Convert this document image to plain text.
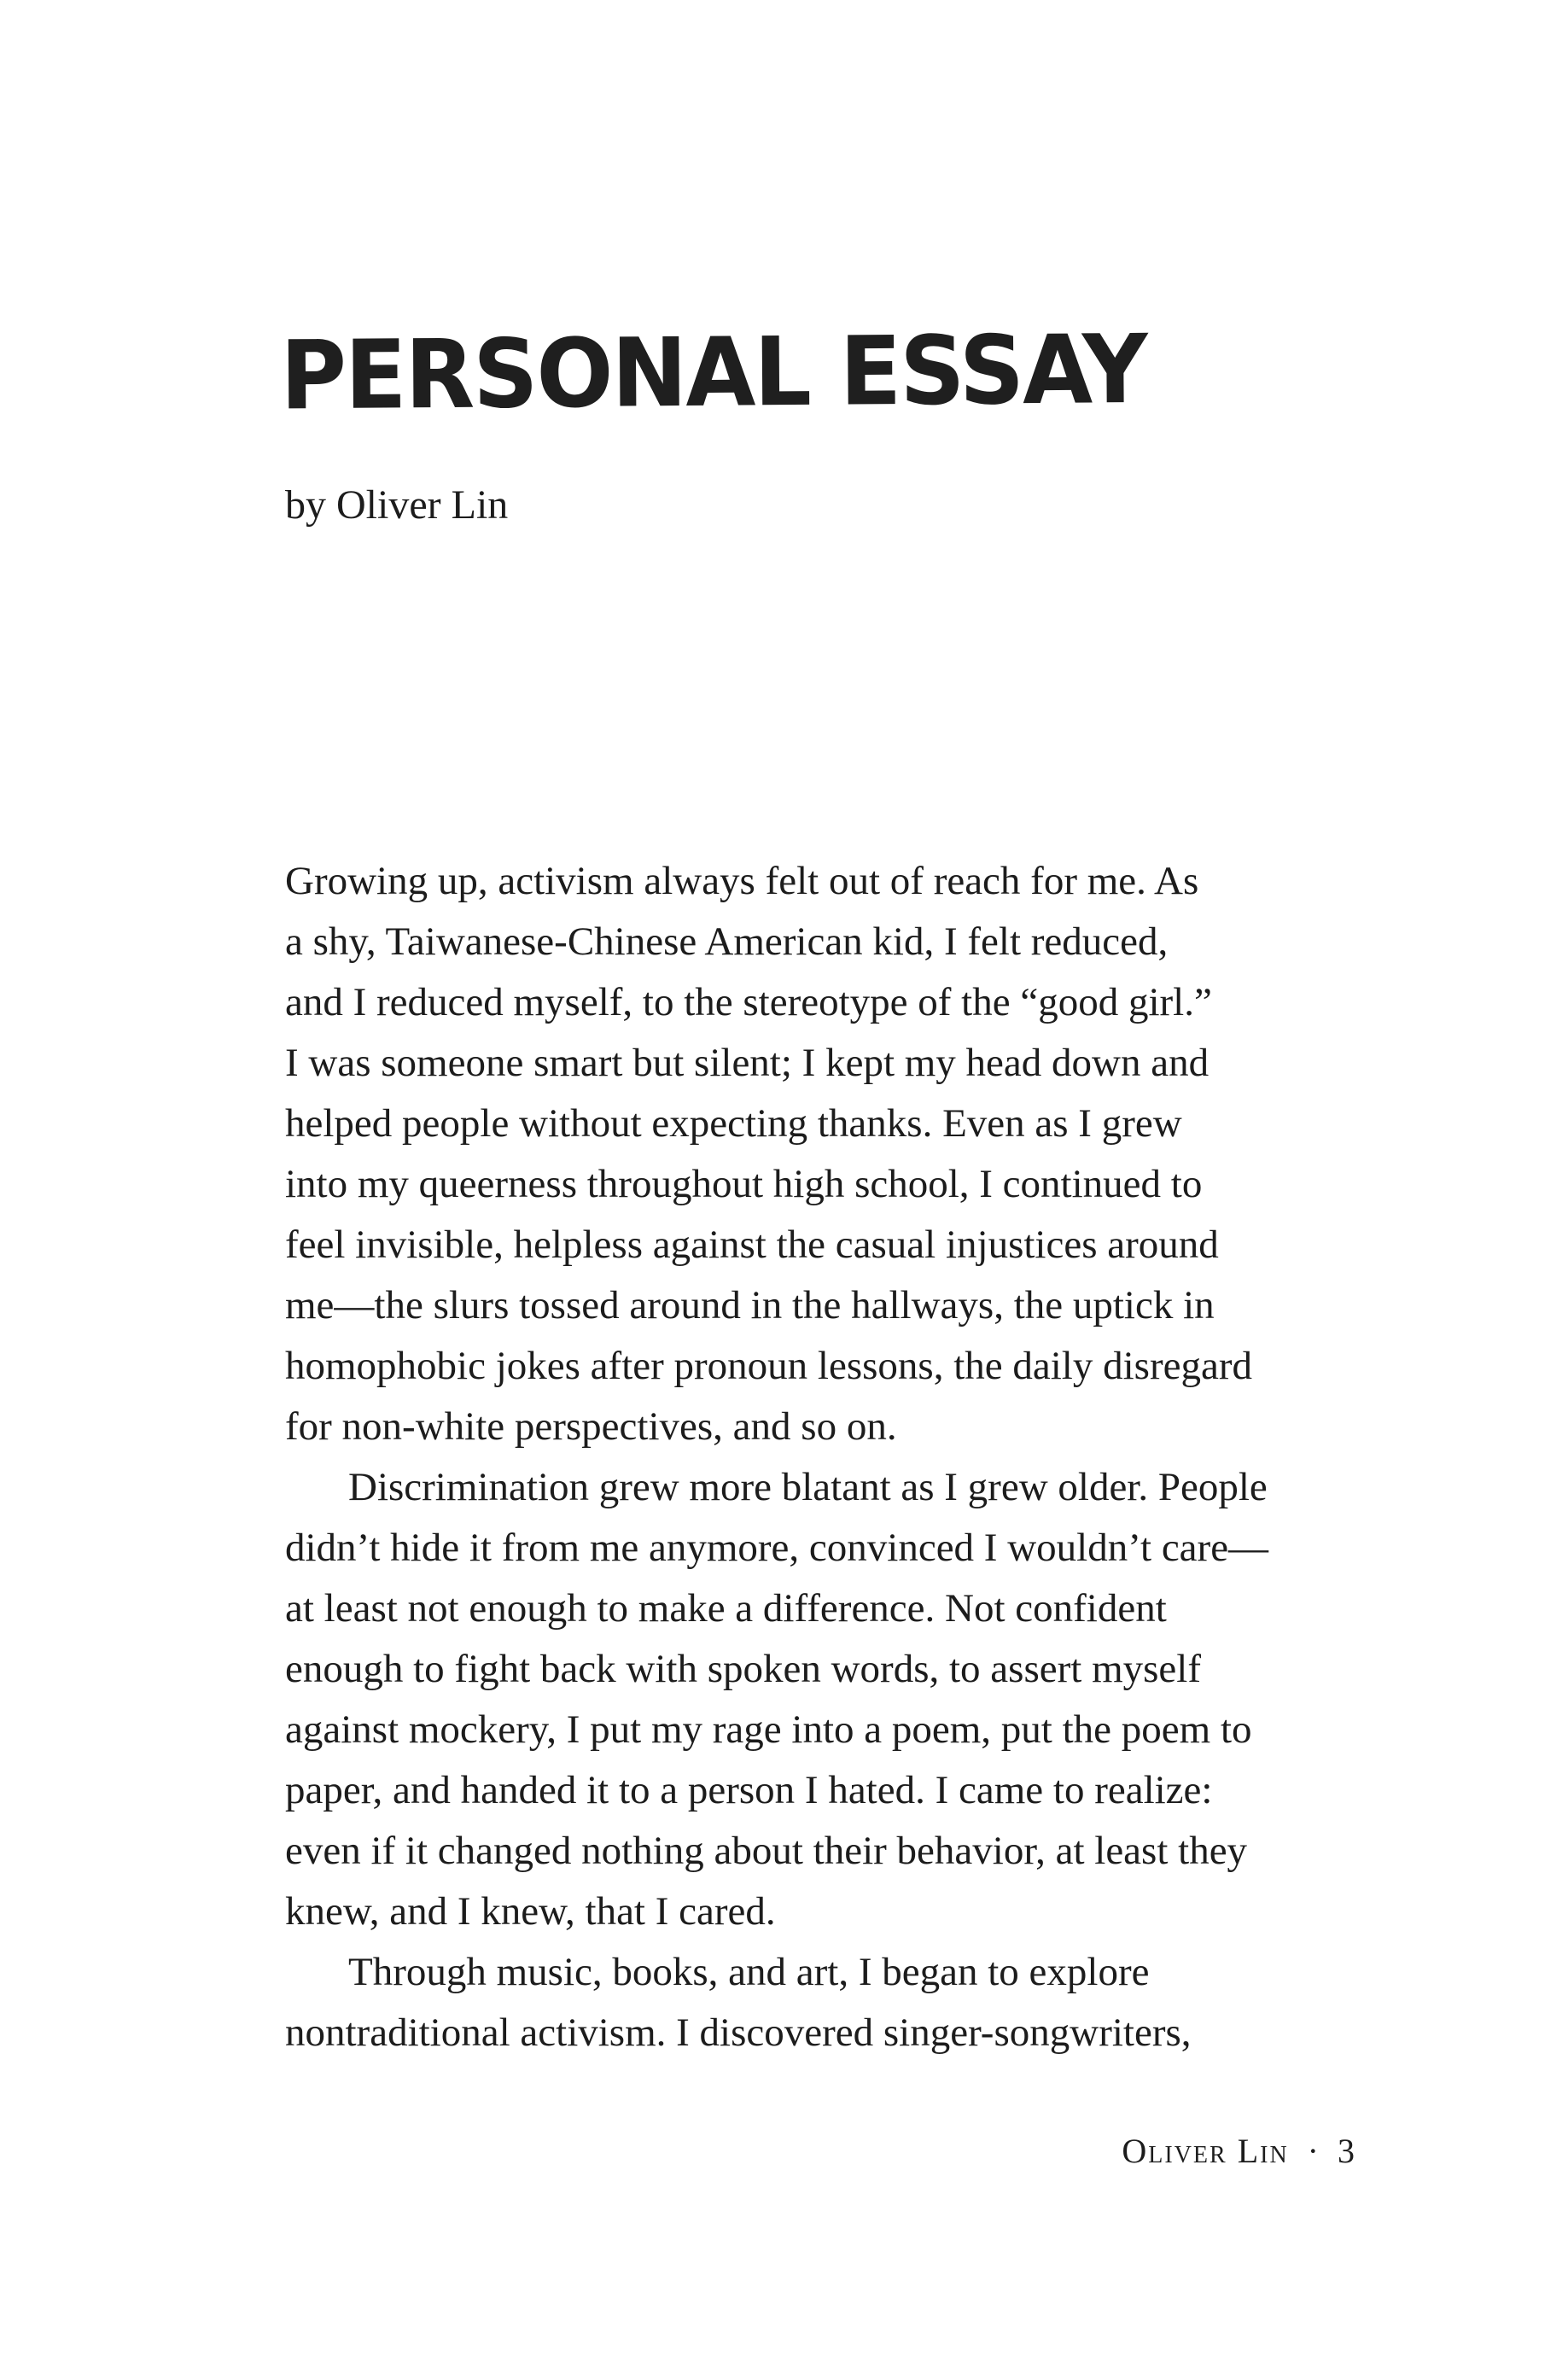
PERSONAL ESSAY

by Oliver Lin

Growing up, activism always felt out of reach for me. As
a shy, Taiwanese-Chinese American kid, I felt reduced,
and I reduced myself, to the stereotype of the “good girl.”
I was someone smart but silent; I kept my head down and
helped people without expecting thanks. Even as I grew
into my queerness throughout high school, I continued to
feel invisible, helpless against the casual injustices around
me—the slurs tossed around in the hallways, the uptick in
homophobic jokes after pronoun lessons, the daily disregard
for non-white perspectives, and so on.
Discrimination grew more blatant as I grew older. People
didn’t hide it from me anymore, convinced I wouldn’t care—
at least not enough to make a difference. Not confident
enough to fight back with spoken words, to assert myself
against mockery, I put my rage into a poem, put the poem to
paper, and handed it to a person I hated. I came to realize:
even if it changed nothing about their behavior, at least they
knew, and I knew, that I cared.
Through music, books, and art, I began to explore
nontraditional activism. I discovered singer-songwriters,

Oliver Lin · 3
